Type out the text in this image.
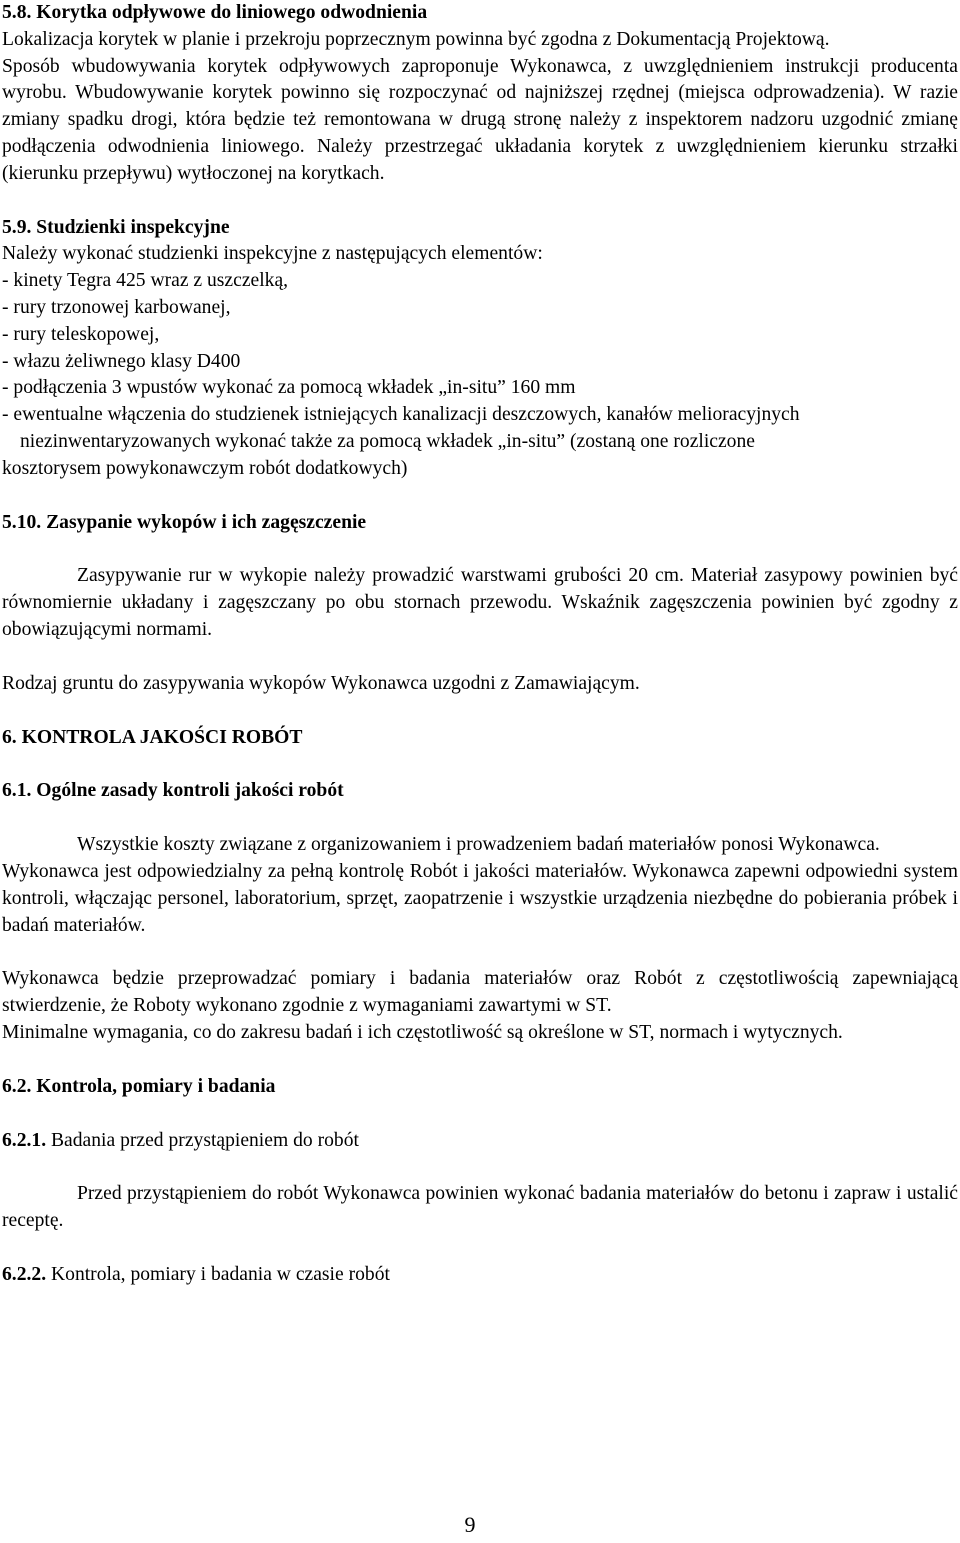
5.8. Korytka odpływowe do liniowego odwodnienia
Lokalizacja korytek w planie i przekroju poprzecznym powinna być zgodna z Dokumentacją Projektową.
Sposób wbudowywania korytek odpływowych zaproponuje Wykonawca, z uwzględnieniem instrukcji producenta wyrobu. Wbudowywanie korytek powinno się rozpoczynać od najniższej rzędnej (miejsca odprowadzenia). W razie zmiany spadku drogi, która będzie też remontowana w drugą stronę należy z inspektorem nadzoru uzgodnić zmianę podłączenia odwodnienia liniowego. Należy przestrzegać układania korytek z uwzględnieniem kierunku strzałki (kierunku przepływu) wytłoczonej na korytkach.
5.9. Studzienki inspekcyjne
Należy wykonać studzienki inspekcyjne z następujących elementów:
- kinety Tegra 425 wraz z uszczelką,
- rury trzonowej karbowanej,
- rury teleskopowej,
- włazu żeliwnego klasy D400
- podłączenia 3 wpustów wykonać za pomocą wkładek „in-situ” 160 mm
- ewentualne włączenia do studzienek istniejących kanalizacji deszczowych, kanałów melioracyjnych
niezinwentaryzowanych wykonać także za pomocą wkładek „in-situ” (zostaną one rozliczone
kosztorysem powykonawczym robót dodatkowych)
5.10. Zasypanie wykopów i ich zagęszczenie
Zasypywanie rur w wykopie należy prowadzić warstwami grubości 20 cm. Materiał zasypowy powinien być równomiernie układany i zagęszczany po obu stornach przewodu. Wskaźnik zagęszczenia powinien być zgodny z obowiązującymi normami.
Rodzaj gruntu do zasypywania wykopów Wykonawca uzgodni z Zamawiającym.
6. KONTROLA JAKOŚCI ROBÓT
6.1. Ogólne zasady kontroli jakości robót
Wszystkie koszty związane z organizowaniem i prowadzeniem badań materiałów ponosi Wykonawca.
Wykonawca jest odpowiedzialny za pełną kontrolę Robót i jakości materiałów. Wykonawca zapewni odpowiedni system kontroli, włączając personel, laboratorium, sprzęt, zaopatrzenie i wszystkie urządzenia niezbędne do pobierania próbek i badań materiałów.
Wykonawca będzie przeprowadzać pomiary i badania materiałów oraz Robót z częstotliwością zapewniającą stwierdzenie, że Roboty wykonano zgodnie z wymaganiami zawartymi w ST.
Minimalne wymagania, co do zakresu badań i ich częstotliwość są określone w ST, normach i wytycznych.
6.2. Kontrola, pomiary i badania
6.2.1. Badania przed przystąpieniem do robót
Przed przystąpieniem do robót Wykonawca powinien wykonać badania materiałów do betonu i zapraw i ustalić receptę.
6.2.2. Kontrola, pomiary i badania w czasie robót
9
